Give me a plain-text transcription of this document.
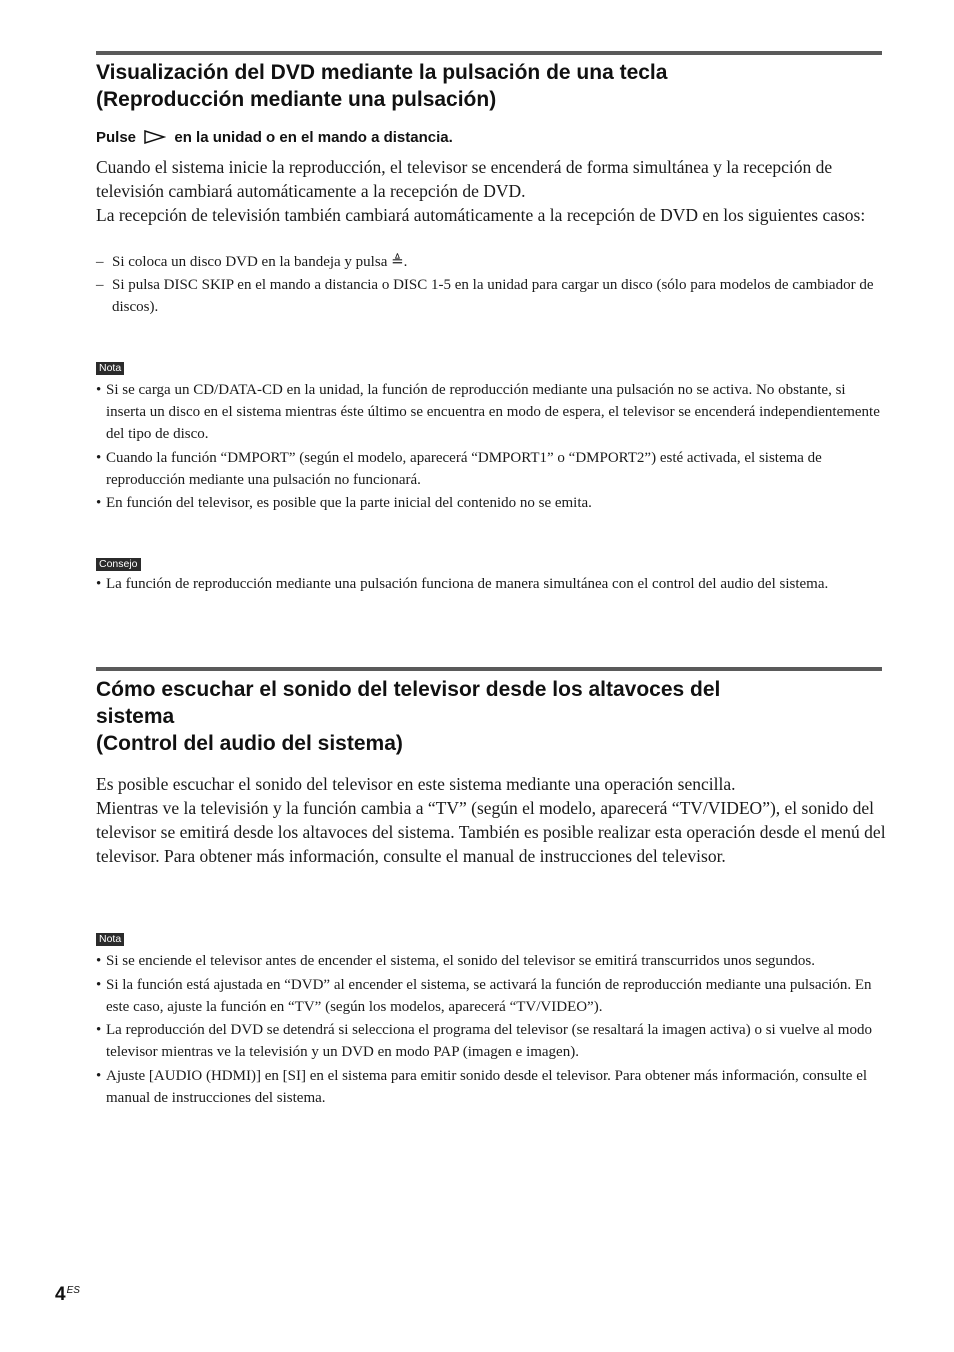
Visualización del DVD mediante la pulsación de una tecla
(Reproducción mediante una pulsación)
Pulse	en la unidad o en el mando a distancia.

Cuando el sistema inicie la reproducción, el televisor se encenderá de forma simultánea y la recepción de televisión cambiará automáticamente a la recepción de DVD.

La recepción de televisión también cambiará automáticamente a la recepción de DVD en los siguientes casos:

– Si coloca un disco DVD en la bandeja y pulsa ≜.
– Si pulsa DISC SKIP en el mando a distancia o DISC 1-5 en la unidad para cargar un disco (sólo para modelos de cambiador de discos).
Nota
• Si se carga un CD/DATA-CD en la unidad, la función de reproducción mediante una pulsación no se activa. No obstante, si inserta un disco en el sistema mientras éste último se encuentra en modo de espera, el televisor se encenderá independientemente del tipo de disco.
• Cuando la función “DMPORT” (según el modelo, aparecerá “DMPORT1” o “DMPORT2”) esté activada, el sistema de reproducción mediante una pulsación no funcionará.
• En función del televisor, es posible que la parte inicial del contenido no se emita.
Consejo
• La función de reproducción mediante una pulsación funciona de manera simultánea con el control del audio del sistema.
Cómo escuchar el sonido del televisor desde los altavoces del
sistema
(Control del audio del sistema)

Es posible escuchar el sonido del televisor en este sistema mediante una operación sencilla.

Mientras ve la televisión y la función cambia a “TV” (según el modelo, aparecerá “TV/VIDEO”), el sonido del televisor se emitirá desde los altavoces del sistema. También es posible realizar esta operación desde el menú del televisor. Para obtener más información, consulte el manual de instrucciones del televisor.

Nota
• Si se enciende el televisor antes de encender el sistema, el sonido del televisor se emitirá transcurridos unos segundos.
• Si la función está ajustada en “DVD” al encender el sistema, se activará la función de reproducción mediante una pulsación. En este caso, ajuste la función en “TV” (según los modelos, aparecerá “TV/VIDEO”).
• La reproducción del DVD se detendrá si selecciona el programa del televisor (se resaltará la imagen activa) o si vuelve al modo televisor mientras ve la televisión y un DVD en modo PAP (imagen e imagen).
• Ajuste [AUDIO (HDMI)] en [SI] en el sistema para emitir sonido desde el televisor. Para obtener más información, consulte el manual de instrucciones del sistema.
$4^{ES}$
